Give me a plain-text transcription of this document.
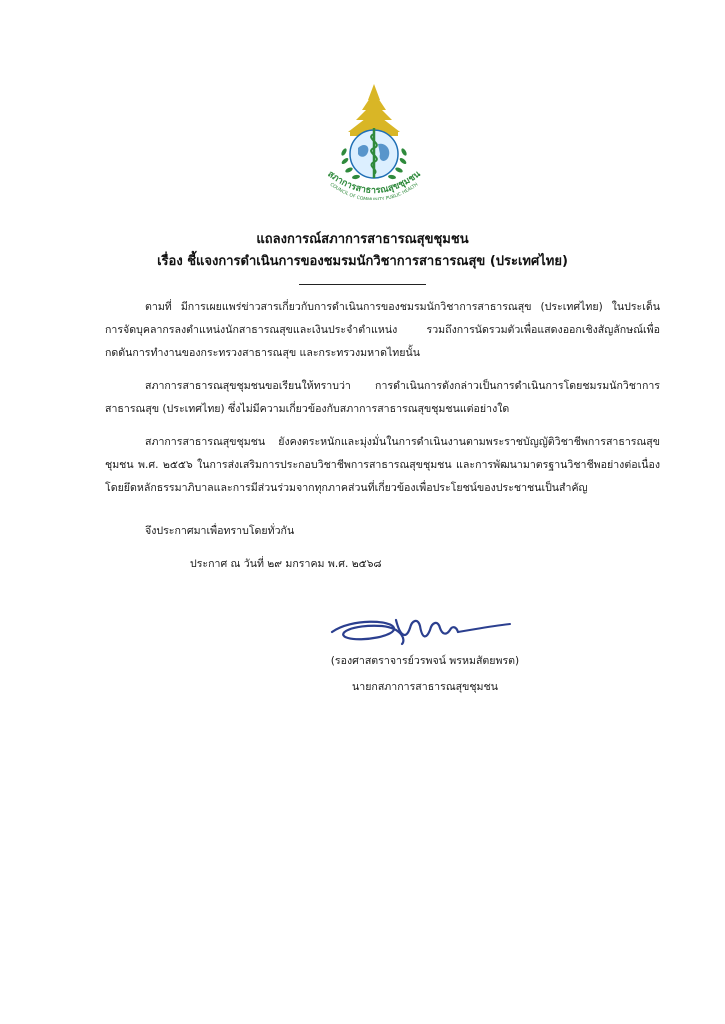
สภาการสาธารณสุขชุมชน
COUNCIL OF COM Y PUBLIC HEALTH
แถลงการณ์สภาการสาธารณสุขชุมชน
เรื่อง ชี้แจงการดำเนินการของชมรมนักวิชาการสาธารณสุข (ประเทศไทย)

ตามที่ มีการเผยแพร่ข่าวสารเกี่ยวกับการดำเนินการของชมรมนักวิชาการสาธารณสุข (ประเทศไทย) ในประเด็นการจัดบุคลากรลงตำแหน่งนักสาธารณสุขและเงินประจำตำแหน่ง รวมถึงการนัดรวมตัวเพื่อแสดงออกเชิงสัญลักษณ์เพื่อกดดันการทำงานของกระทรวงสาธารณสุข และกระทรวงมหาดไทยนั้น

สภาการสาธารณสุขชุมชนขอเรียนให้ทราบว่า การดำเนินการดังกล่าวเป็นการดำเนินการโดยชมรมนักวิชาการสาธารณสุข (ประเทศไทย) ซึ่งไม่มีความเกี่ยวข้องกับสภาการสาธารณสุขชุมชนแต่อย่างใด

สภาการสาธารณสุขชุมชน ยังคงตระหนักและมุ่งมั่นในการดำเนินงานตามพระราชบัญญัติวิชาชีพการสาธารณสุขชุมชน พ.ศ. ๒๕๕๖ ในการส่งเสริมการประกอบวิชาชีพการสาธารณสุขชุมชน และการพัฒนามาตรฐานวิชาชีพอย่างต่อเนื่อง โดยยึดหลักธรรมาภิบาลและการมีส่วนร่วมจากทุกภาคส่วนที่เกี่ยวข้องเพื่อประโยชน์ของประชาชนเป็นสำคัญ

จึงประกาศมาเพื่อทราบโดยทั่วกัน

ประกาศ ณ วันที่ ๒๙ มกราคม พ.ศ. ๒๕๖๘

(รองศาสตราจารย์วรพจน์ พรหมสัตยพรต)
นายกสภาการสาธารณสุขชุมชน
